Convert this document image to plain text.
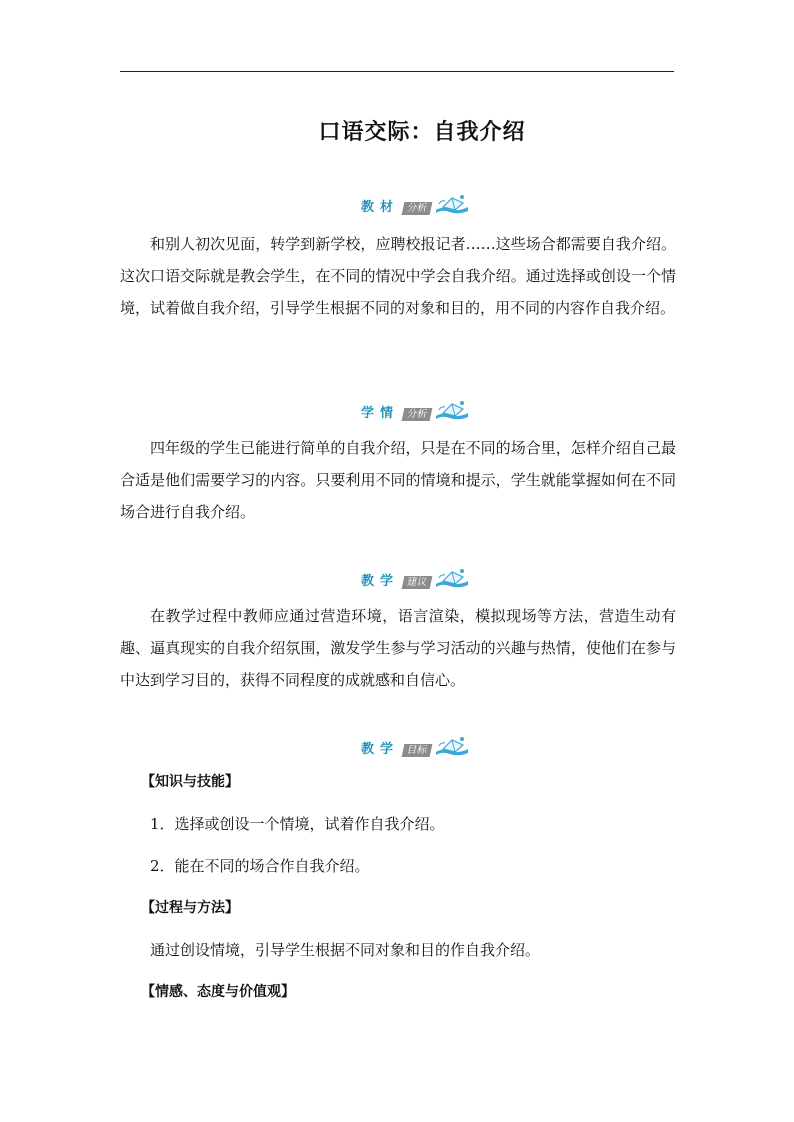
口语交际：自我介绍
教材 分析

和别人初次见面，转学到新学校，应聘校报记者……这些场合都需要自我介绍。这次口语交际就是教会学生，在不同的情况中学会自我介绍。通过选择或创设一个情境，试着做自我介绍，引导学生根据不同的对象和目的，用不同的内容作自我介绍。

学情 分析

四年级的学生已能进行简单的自我介绍，只是在不同的场合里，怎样介绍自己最合适是他们需要学习的内容。只要利用不同的情境和提示，学生就能掌握如何在不同场合进行自我介绍。

教学 建议

在教学过程中教师应通过营造环境，语言渲染，模拟现场等方法，营造生动有趣、逼真现实的自我介绍氛围，激发学生参与学习活动的兴趣与热情，使他们在参与中达到学习目的，获得不同程度的成就感和自信心。

教学 目标

【知识与技能】

1．选择或创设一个情境，试着作自我介绍。

2．能在不同的场合作自我介绍。

【过程与方法】

通过创设情境，引导学生根据不同对象和目的作自我介绍。

【情感、态度与价值观】
